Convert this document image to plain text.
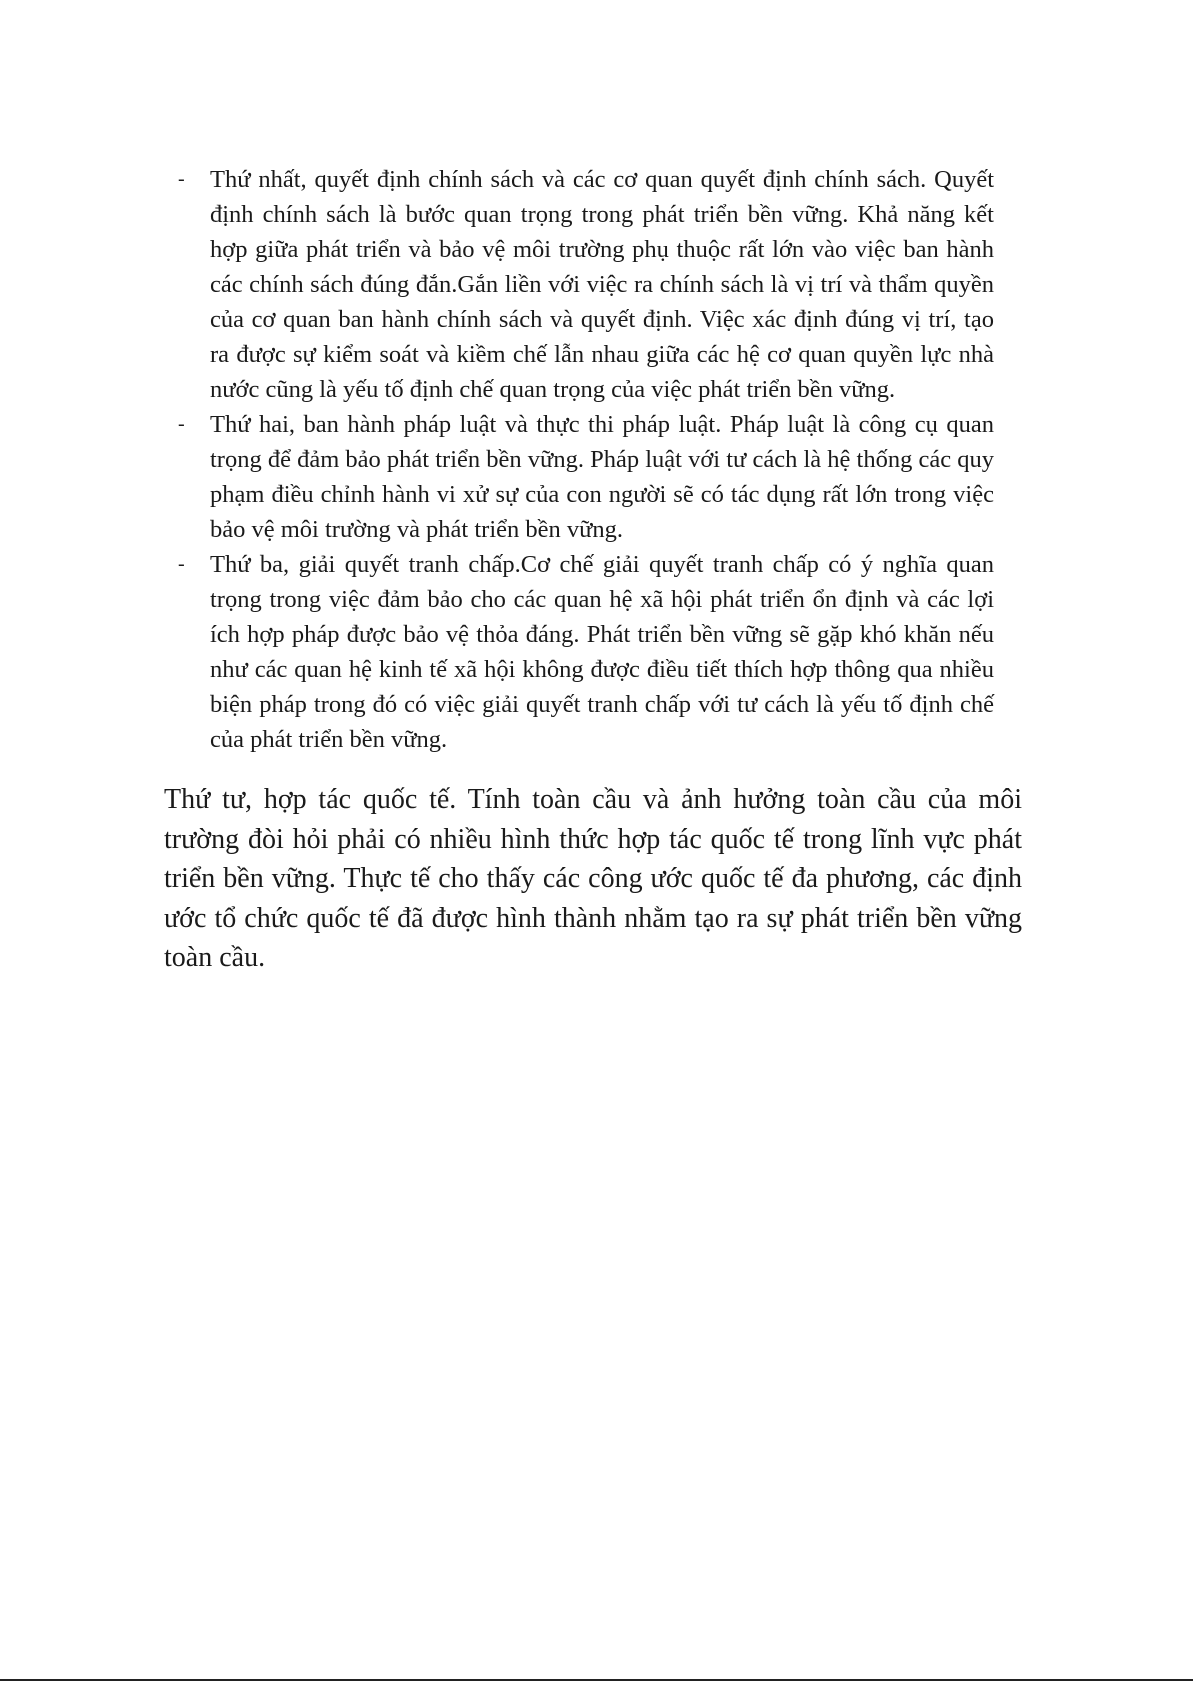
-	Thứ nhất, quyết định chính sách và các cơ quan quyết định chính sách. Quyết định chính sách là bước quan trọng trong phát triển bền vững. Khả năng kết hợp giữa phát triển và bảo vệ môi trường phụ thuộc rất lớn vào việc ban hành các chính sách đúng đắn.Gắn liền với việc ra chính sách là vị trí và thẩm quyền của cơ quan ban hành chính sách và quyết định. Việc xác định đúng vị trí, tạo ra được sự kiểm soát và kiềm chế lẫn nhau giữa các hệ cơ quan quyền lực nhà nước cũng là yếu tố định chế quan trọng của việc phát triển bền vững.
-	Thứ hai, ban hành pháp luật và thực thi pháp luật. Pháp luật là công cụ quan trọng để đảm bảo phát triển bền vững. Pháp luật với tư cách là hệ thống các quy phạm điều chỉnh hành vi xử sự của con người sẽ có tác dụng rất lớn trong việc bảo vệ môi trường và phát triển bền vững.
-	Thứ ba, giải quyết tranh chấp.Cơ chế giải quyết tranh chấp có ý nghĩa quan trọng trong việc đảm bảo cho các quan hệ xã hội phát triển ổn định và các lợi ích hợp pháp được bảo vệ thỏa đáng. Phát triển bền vững sẽ gặp khó khăn nếu như các quan hệ kinh tế xã hội không được điều tiết thích hợp thông qua nhiều biện pháp trong đó có việc giải quyết tranh chấp với tư cách là yếu tố định chế của phát triển bền vững.

Thứ tư, hợp tác quốc tế. Tính toàn cầu và ảnh hưởng toàn cầu của môi trường đòi hỏi phải có nhiều hình thức hợp tác quốc tế trong lĩnh vực phát triển bền vững. Thực tế cho thấy các công ước quốc tế đa phương, các định ước tổ chức quốc tế đã được hình thành nhằm tạo ra sự phát triển bền vững toàn cầu.
